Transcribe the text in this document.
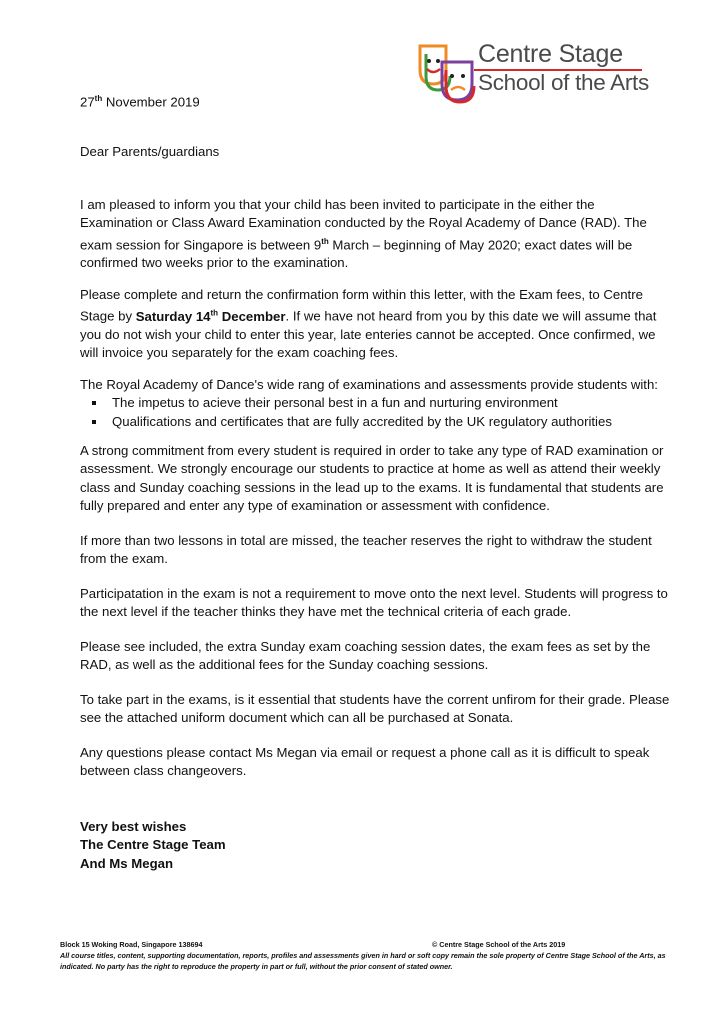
Centre Stage
School of the Arts
27th November 2019
Dear Parents/guardians
I am pleased to inform you that your child has been invited to participate in the either the Examination or Class Award Examination conducted by the Royal Academy of Dance (RAD). The exam session for Singapore is between 9th March – beginning of May 2020; exact dates will be confirmed two weeks prior to the examination.
Please complete and return the confirmation form within this letter, with the Exam fees, to Centre Stage by Saturday 14th December. If we have not heard from you by this date we will assume that you do not wish your child to enter this year, late enteries cannot be accepted. Once confirmed, we will invoice you separately for the exam coaching fees.
The Royal Academy of Dance's wide rang of examinations and assessments provide students with:
The impetus to acieve their personal best in a fun and nurturing environment
Qualifications and certificates that are fully accredited by the UK regulatory authorities
A strong commitment from every student is required in order to take any type of RAD examination or assessment. We strongly encourage our students to practice at home as well as attend their weekly class and Sunday coaching sessions in the lead up to the exams. It is fundamental that students are fully prepared and enter any type of examination or assessment with confidence.
If more than two lessons in total are missed, the teacher reserves the right to withdraw the student from the exam.
Participatation in the exam is not a requirement to move onto the next level. Students will progress to the next level if the teacher thinks they have met the technical criteria of each grade.
Please see included, the extra Sunday exam coaching session dates, the exam fees as set by the RAD, as well as the additional fees for the Sunday coaching sessions.
To take part in the exams, is it essential that students have the corrent unfirom for their grade. Please see the attached uniform document which can all be purchased at Sonata.
Any questions please contact Ms Megan via email or request a phone call as it is difficult to speak between class changeovers.
Very best wishes
The Centre Stage Team
And Ms Megan
Block 15 Woking Road, Singapore 138694	© Centre Stage School of the Arts 2019
All course titles, content, supporting documentation, reports, profiles and assessments given in hard or soft copy remain the sole property of Centre Stage School of the Arts, as indicated. No party has the right to reproduce the property in part or full, without the prior consent of stated owner.
